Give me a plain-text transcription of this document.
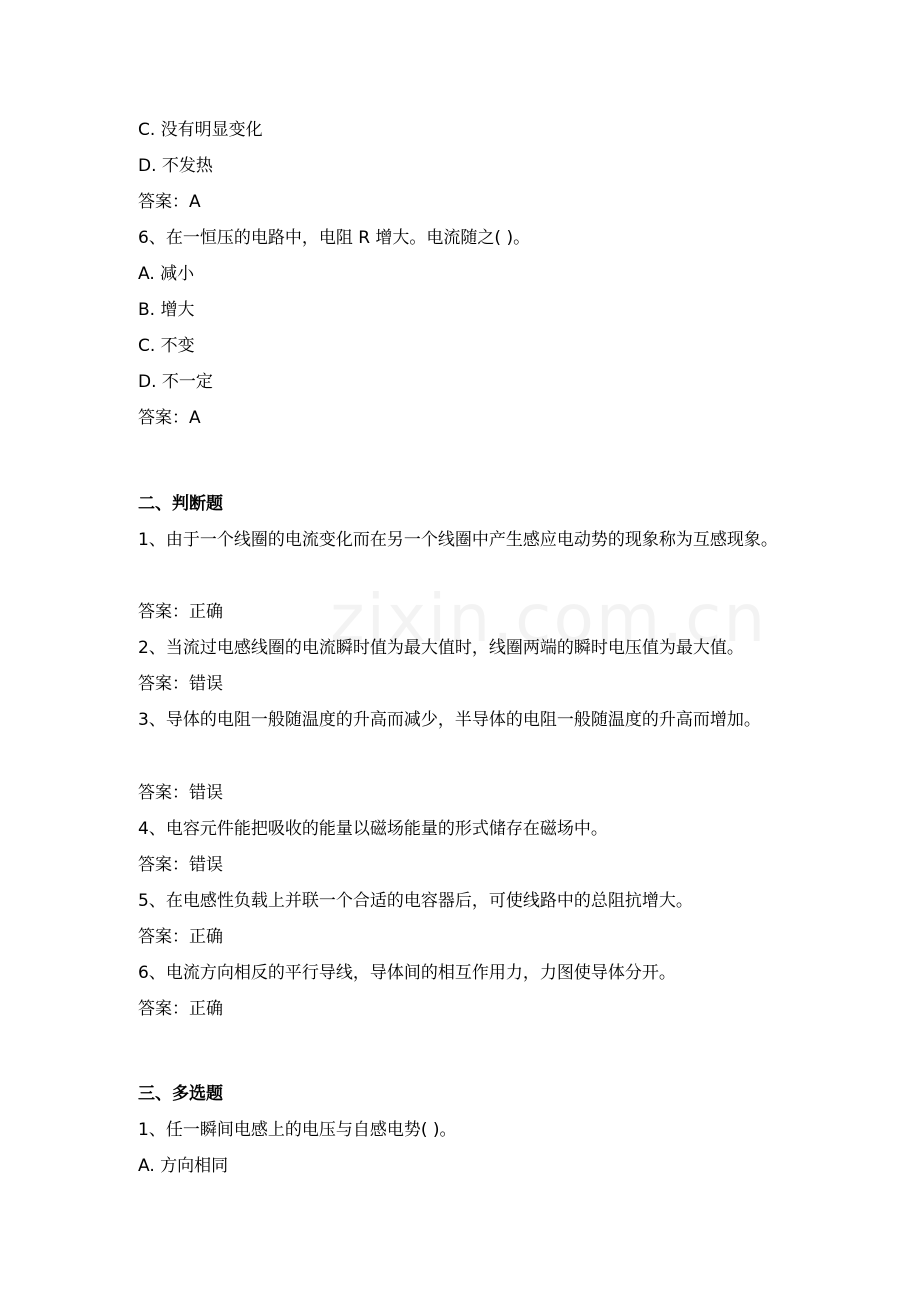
C. 没有明显变化
D. 不发热
答案：A
6、在一恒压的电路中，电阻 R 增大。电流随之( )。
A. 减小
B. 增大
C. 不变
D. 不一定
答案：A
二、判断题
1、由于一个线圈的电流变化而在另一个线圈中产生感应电动势的现象称为互感现象。
答案：正确
2、当流过电感线圈的电流瞬时值为最大值时，线圈两端的瞬时电压值为最大值。
答案：错误
3、导体的电阻一般随温度的升高而减少，半导体的电阻一般随温度的升高而增加。
答案：错误
4、电容元件能把吸收的能量以磁场能量的形式储存在磁场中。
答案：错误
5、在电感性负载上并联一个合适的电容器后，可使线路中的总阻抗增大。
答案：正确
6、电流方向相反的平行导线，导体间的相互作用力，力图使导体分开。
答案：正确
三、多选题
1、任一瞬间电感上的电压与自感电势( )。
A. 方向相同
